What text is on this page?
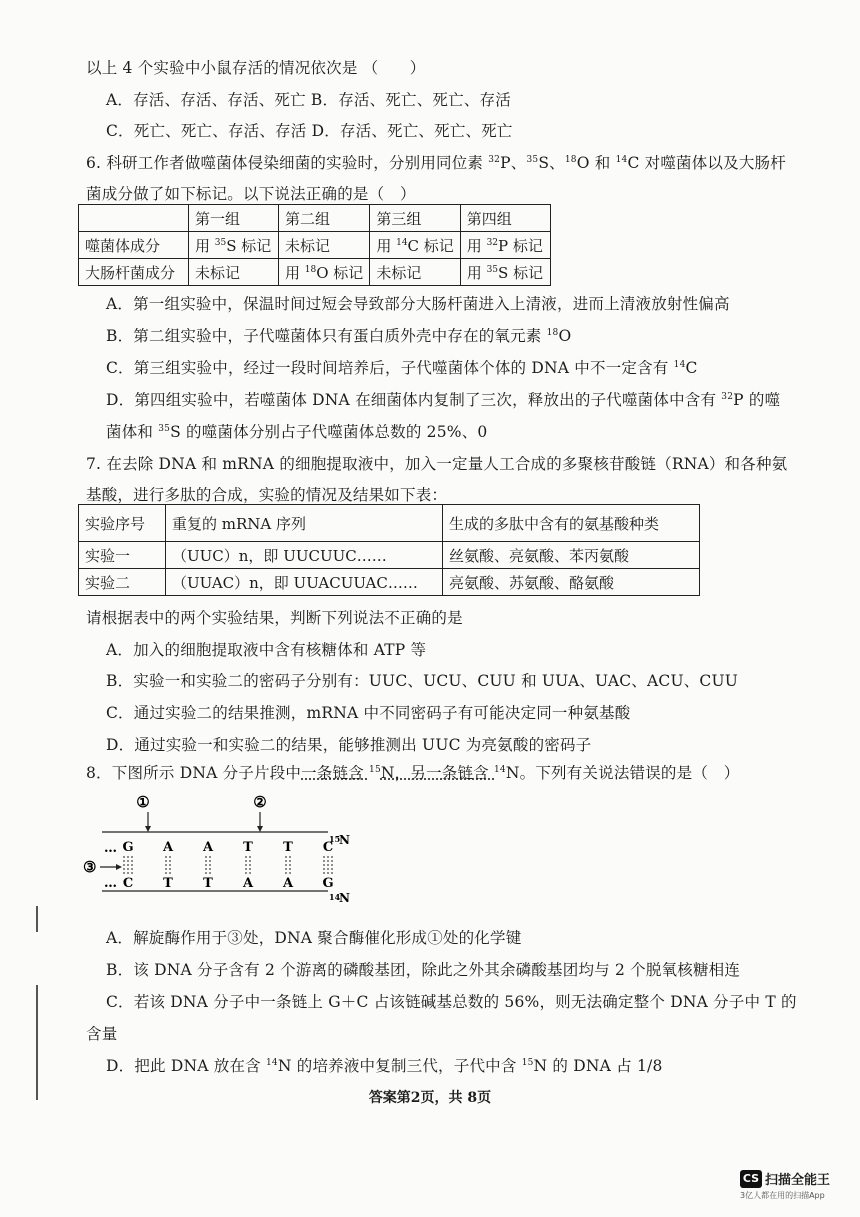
以上 4 个实验中小鼠存活的情况依次是 （　　）
A．存活、存活、存活、死亡 B．存活、死亡、死亡、存活
C．死亡、死亡、存活、存活 D．存活、死亡、死亡、死亡
6. 科研工作者做噬菌体侵染细菌的实验时，分别用同位素 $^{32}$P、$^{35}$S、$^{18}$O 和 $^{14}$C 对噬菌体以及大肠杆
菌成分做了如下标记。以下说法正确的是（　）
	第一组	第二组	第三组	第四组
噬菌体成分	用 $^{35}$S 标记	未标记	用 $^{14}$C 标记	用 $^{32}$P 标记
大肠杆菌成分	未标记	用 $^{18}$O 标记	未标记	用 $^{35}$S 标记
A．第一组实验中，保温时间过短会导致部分大肠杆菌进入上清液，进而上清液放射性偏高
B．第二组实验中，子代噬菌体只有蛋白质外壳中存在的氧元素 $^{18}$O
C．第三组实验中，经过一段时间培养后，子代噬菌体个体的 DNA 中不一定含有 $^{14}$C
D．第四组实验中，若噬菌体 DNA 在细菌体内复制了三次，释放出的子代噬菌体中含有 $^{32}$P 的噬
菌体和 $^{35}$S 的噬菌体分别占子代噬菌体总数的 25%、0
7. 在去除 DNA 和 mRNA 的细胞提取液中，加入一定量人工合成的多聚核苷酸链（RNA）和各种氨
基酸，进行多肽的合成，实验的情况及结果如下表：
实验序号	重复的 mRNA 序列	生成的多肽中含有的氨基酸种类
实验一	（UUC）n，即 UUCUUC……	丝氨酸、亮氨酸、苯丙氨酸
实验二	（UUAC）n，即 UUACUUAC……	亮氨酸、苏氨酸、酪氨酸
请根据表中的两个实验结果，判断下列说法不正确的是
A．加入的细胞提取液中含有核糖体和 ATP 等
B．实验一和实验二的密码子分别有：UUC、UCU、CUU 和 UUA、UAC、ACU、CUU
C．通过实验二的结果推测，mRNA 中不同密码子有可能决定同一种氨基酸
D．通过实验一和实验二的结果，能够推测出 UUC 为亮氨酸的密码子
8．下图所示 DNA 分子片段中一条链含 $^{15}$N，另一条链含 $^{14}$N。下列有关说法错误的是（　）
①	②
15
N
14
N
…
…
③
G
C
A
T
A
T
T
A
T
A
C
G
A．解旋酶作用于③处，DNA 聚合酶催化形成①处的化学键
B．该 DNA 分子含有 2 个游离的磷酸基团，除此之外其余磷酸基团均与 2 个脱氧核糖相连
C．若该 DNA 分子中一条链上 G＋C 占该链碱基总数的 56%，则无法确定整个 DNA 分子中 T 的
含量
D．把此 DNA 放在含 $^{14}$N 的培养液中复制三代，子代中含 $^{15}$N 的 DNA 占 1/8
答案第2页，共 8页
CS 扫描全能王
3亿人都在用的扫描App
